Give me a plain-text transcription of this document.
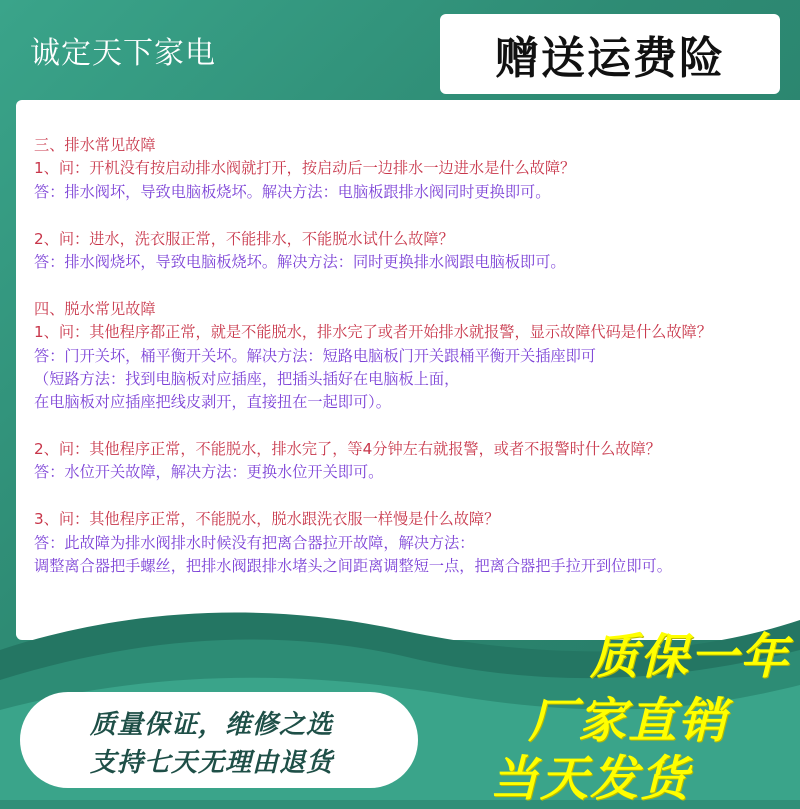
诚定天下家电	赠送运费险
三、排水常见故障
1、问：开机没有按启动排水阀就打开，按启动后一边排水一边进水是什么故障？
答：排水阀坏，导致电脑板烧坏。解决方法：电脑板跟排水阀同时更换即可。
2、问：进水，洗衣服正常，不能排水，不能脱水试什么故障？
答：排水阀烧坏，导致电脑板烧坏。解决方法：同时更换排水阀跟电脑板即可。
四、脱水常见故障
1、问：其他程序都正常，就是不能脱水，排水完了或者开始排水就报警，显示故障代码是什么故障？
答：门开关坏，桶平衡开关坏。解决方法：短路电脑板门开关跟桶平衡开关插座即可
（短路方法：找到电脑板对应插座，把插头插好在电脑板上面，
在电脑板对应插座把线皮剥开，直接扭在一起即可）。
2、问：其他程序正常，不能脱水，排水完了，等4分钟左右就报警，或者不报警时什么故障？
答：水位开关故障，解决方法：更换水位开关即可。
3、问：其他程序正常，不能脱水，脱水跟洗衣服一样慢是什么故障？
答：此故障为排水阀排水时候没有把离合器拉开故障，解决方法：
调整离合器把手螺丝，把排水阀跟排水堵头之间距离调整短一点，把离合器把手拉开到位即可。
质量保证，维修之选
支持七天无理由退货
质保一年
厂家直销
当天发货
